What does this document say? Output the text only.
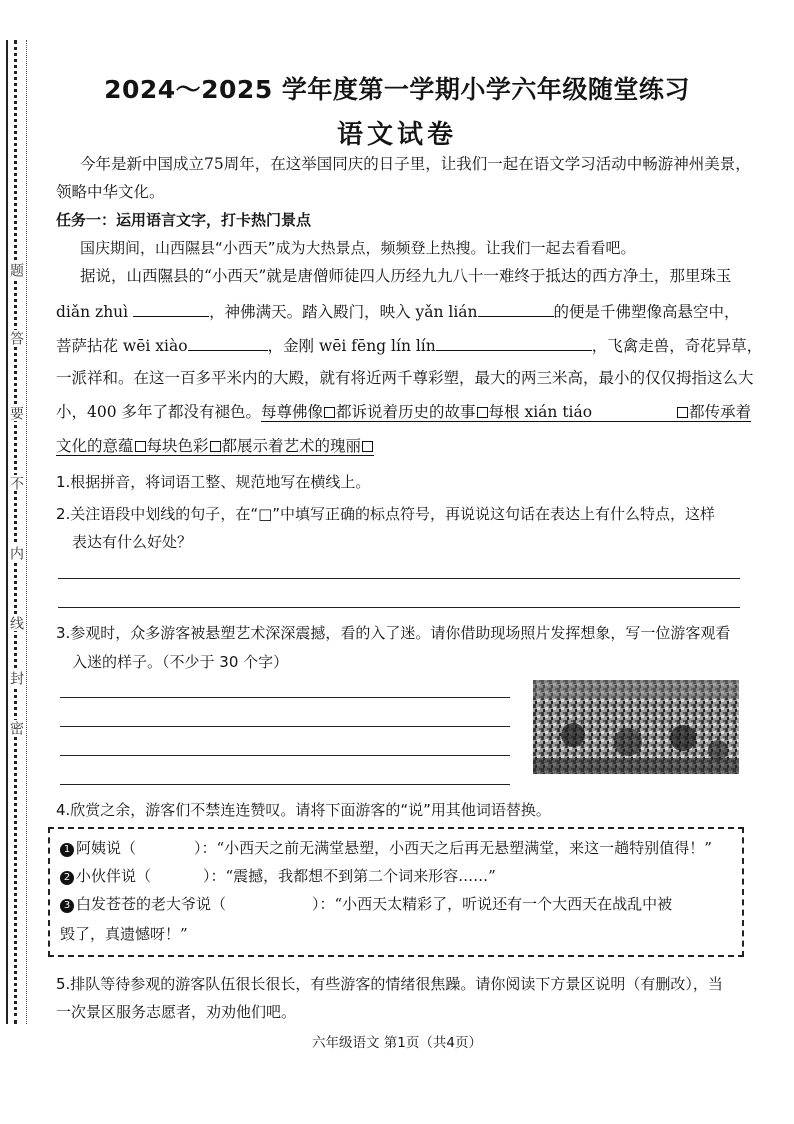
题
答
要
不
内
线
封
密
2024～2025 学年度第一学期小学六年级随堂练习
语文试卷
今年是新中国成立75周年，在这举国同庆的日子里，让我们一起在语文学习活动中畅游神州美景，
领略中华文化。
任务一：运用语言文字，打卡热门景点
国庆期间，山西隰县“小西天”成为大热景点，频频登上热搜。让我们一起去看看吧。
据说，山西隰县的“小西天”就是唐僧师徒四人历经九九八十一难终于抵达的西方净土，那里珠玉
diǎn zhuì	，神佛满天。踏入殿门，映入 yǎn lián	的便是千佛塑像高悬空中，
菩萨拈花 wēi xiào	，金刚 wēi fēng lín lín	，飞禽走兽，奇花异草，
一派祥和。在这一百多平米内的大殿，就有将近两千尊彩塑，最大的两三米高，最小的仅仅拇指这么大
小，400 多年了都没有褪色。每尊佛像 都诉说着历史的故事 每根 xián tiáo	都传承着
文化的意蕴 每块色彩 都展示着艺术的瑰丽
1.根据拼音，将词语工整、规范地写在横线上。
2.关注语段中划线的句子，在“□”中填写正确的标点符号，再说说这句话在表达上有什么特点，这样
表达有什么好处？
3.参观时，众多游客被悬塑艺术深深震撼，看的入了迷。请你借助现场照片发挥想象，写一位游客观看
入迷的样子。（不少于 30 个字）
4.欣赏之余，游客们不禁连连赞叹。请将下面游客的“说”用其他词语替换。
5.排队等待参观的游客队伍很长很长，有些游客的情绪很焦躁。请你阅读下方景区说明（有删改），当
一次景区服务志愿者，劝劝他们吧。
1 阿姨说（	）：“小西天之前无满堂悬塑，小西天之后再无悬塑满堂，来这一趟特别值得！”
2 小伙伴说（	）：“震撼，我都想不到第二个词来形容……”
3 白发苍苍的老大爷说（	）：“小西天太精彩了，听说还有一个大西天在战乱中被
毁了，真遗憾呀！”
六年级语文 第1页（共4页）
